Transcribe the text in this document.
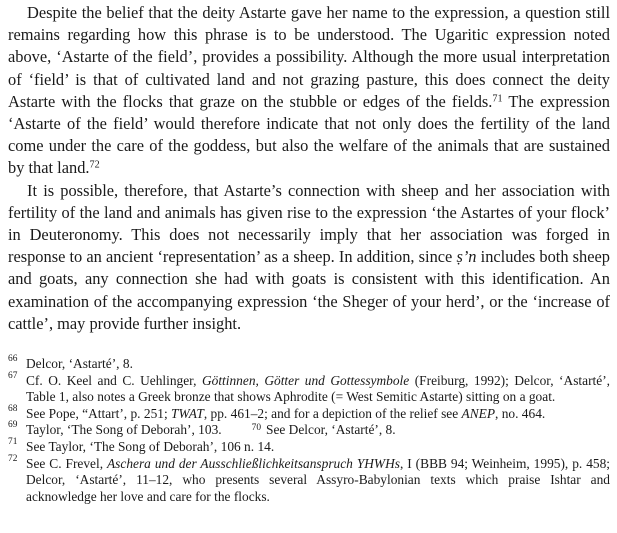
Despite the belief that the deity Astarte gave her name to the expression, a question still remains regarding how this phrase is to be understood. The Ugaritic expression noted above, ‘Astarte of the field’, provides a possibility. Although the more usual interpretation of ‘field’ is that of cultivated land and not grazing pasture, this does connect the deity Astarte with the flocks that graze on the stubble or edges of the fields.$^{71}$ The expression ‘Astarte of the field’ would therefore indicate that not only does the fertility of the land come under the care of the goddess, but also the welfare of the animals that are sustained by that land.$^{72}$

It is possible, therefore, that Astarte’s connection with sheep and her association with fertility of the land and animals has given rise to the expression ‘the Astartes of your flock’ in Deuteronomy. This does not necessarily imply that her association was forged in response to an ancient ‘representation’ as a sheep. In addition, since ṣ’n includes both sheep and goats, any connection she had with goats is consistent with this identification. An examination of the accompanying expression ‘the Sheger of your herd’, or the ‘increase of cattle’, may provide further insight.

66 Delcor, ‘Astarté’, 8.

67 Cf. O. Keel and C. Uehlinger, Göttinnen, Götter und Gottessymbole (Freiburg, 1992); Delcor, ‘Astarté’, Table 1, also notes a Greek bronze that shows Aphrodite (= West Semitic Astarte) sitting on a goat.

68 See Pope, “Attart’, p. 251; TWAT, pp. 461–2; and for a depiction of the relief see ANEP, no. 464.

69 Taylor, ‘The Song of Deborah’, 103.	$^{70}$ See Delcor, ‘Astarté’, 8.

71 See Taylor, ‘The Song of Deborah’, 106 n. 14.

72 See C. Frevel, Aschera und der Ausschließlichkeitsanspruch YHWHs, I (BBB 94; Weinheim, 1995), p. 458; Delcor, ‘Astarté’, 11–12, who presents several Assyro-Babylonian texts which praise Ishtar and acknowledge her love and care for the flocks.
